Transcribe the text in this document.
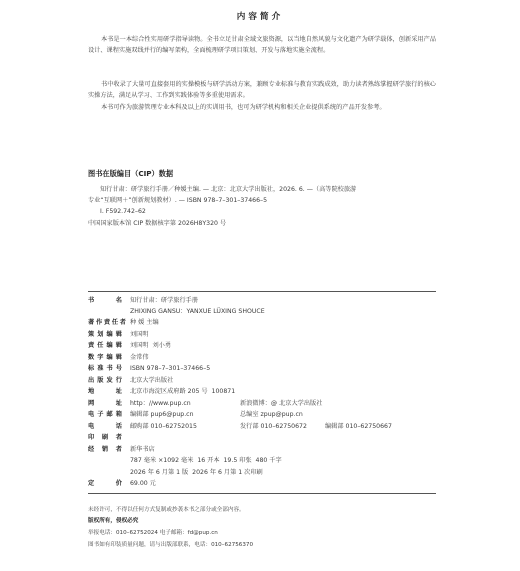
内容简介

本书是一本综合性实用研学指导读物。全书立足甘肃全域文旅资源，以当地自然风貌与文化遗产为研学载体，创新采用产品设计、课程实施双线并行的编写架构，全面梳理研学项目策划、开发与落地实施全流程。

书中收录了大量可直接套用的实操模板与研学活动方案，兼顾专业标准与教育实践成效，助力读者熟练掌握研学旅行的核心实操方法，满足从学习、工作到实践体验等多重使用需求。

本书可作为旅游管理专业本科及以上的实训用书，也可为研学机构和相关企业提供系统的产品开发参考。

图书在版编目（CIP）数据
知行甘肃：研学旅行手册／种媛主编. — 北京：北京大学出版社，2026. 6. —（高等院校旅游
专业“互联网＋”创新规划教材）. — ISBN 978–7–301–37466–5
Ⅰ. F592.742–62
中国国家版本馆 CIP 数据核字第 2026H8Y320 号
书名 知行甘肃：研学旅行手册
ZHIXING GANSU：YANXUE LÜXING SHOUCE
著作责任者 种 媛 主编
策划编辑 刘国明
责任编辑 刘国明  刘小勇
数字编辑 金常伟
标准书号 ISBN 978–7–301–37466–5
出版发行 北京大学出版社
地址 北京市海淀区成府路 205 号  100871
网址 http：//www.pup.cn	新浪微博：@ 北京大学出版社
电子邮箱 编辑部 pup6@pup.cn	总编室 zpup@pup.cn
电话 邮购部 010–62752015	发行部 010–62750672	编辑部 010–62750667
印刷者
经销者 新华书店
787 毫米 ×1092 毫米  16 开本  19.5 印张  480 千字
2026 年 6 月第 1 版  2026 年 6 月第 1 次印刷
定价 69.00 元
未经许可，不得以任何方式复制或抄袭本书之部分或全部内容。
版权所有，侵权必究
举报电话：010–62752024 电子邮箱：fd@pup.cn
图书如有印装质量问题，请与出版部联系，电话：010–62756370
